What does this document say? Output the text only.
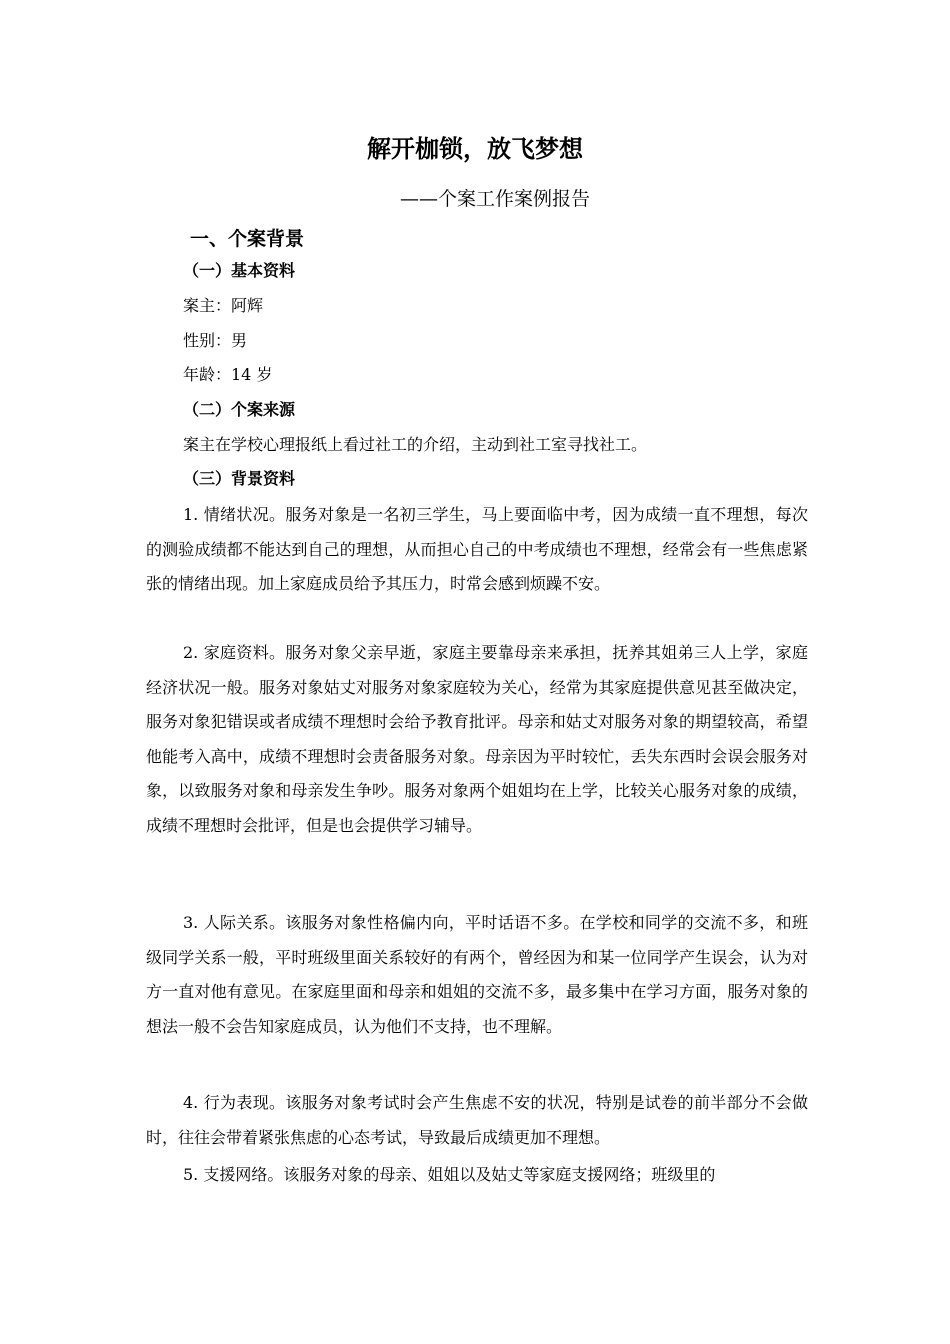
解开枷锁，放飞梦想
——个案工作案例报告
一、个案背景
（一）基本资料
案主：阿辉
性别：男
年龄：14 岁
（二）个案来源
案主在学校心理报纸上看过社工的介绍，主动到社工室寻找社工。
（三）背景资料

1. 情绪状况。服务对象是一名初三学生，马上要面临中考，因为成绩一直不理想，每次的测验成绩都不能达到自己的理想，从而担心自己的中考成绩也不理想，经常会有一些焦虑紧张的情绪出现。加上家庭成员给予其压力，时常会感到烦躁不安。

2. 家庭资料。服务对象父亲早逝，家庭主要靠母亲来承担，抚养其姐弟三人上学，家庭经济状况一般。服务对象姑丈对服务对象家庭较为关心，经常为其家庭提供意见甚至做决定，服务对象犯错误或者成绩不理想时会给予教育批评。母亲和姑丈对服务对象的期望较高，希望他能考入高中，成绩不理想时会责备服务对象。母亲因为平时较忙，丢失东西时会误会服务对象，以致服务对象和母亲发生争吵。服务对象两个姐姐均在上学，比较关心服务对象的成绩，成绩不理想时会批评，但是也会提供学习辅导。

3. 人际关系。该服务对象性格偏内向，平时话语不多。在学校和同学的交流不多，和班级同学关系一般，平时班级里面关系较好的有两个，曾经因为和某一位同学产生误会，认为对方一直对他有意见。在家庭里面和母亲和姐姐的交流不多，最多集中在学习方面，服务对象的想法一般不会告知家庭成员，认为他们不支持，也不理解。

4. 行为表现。该服务对象考试时会产生焦虑不安的状况，特别是试卷的前半部分不会做时，往往会带着紧张焦虑的心态考试，导致最后成绩更加不理想。

5. 支援网络。该服务对象的母亲、姐姐以及姑丈等家庭支援网络；班级里的
